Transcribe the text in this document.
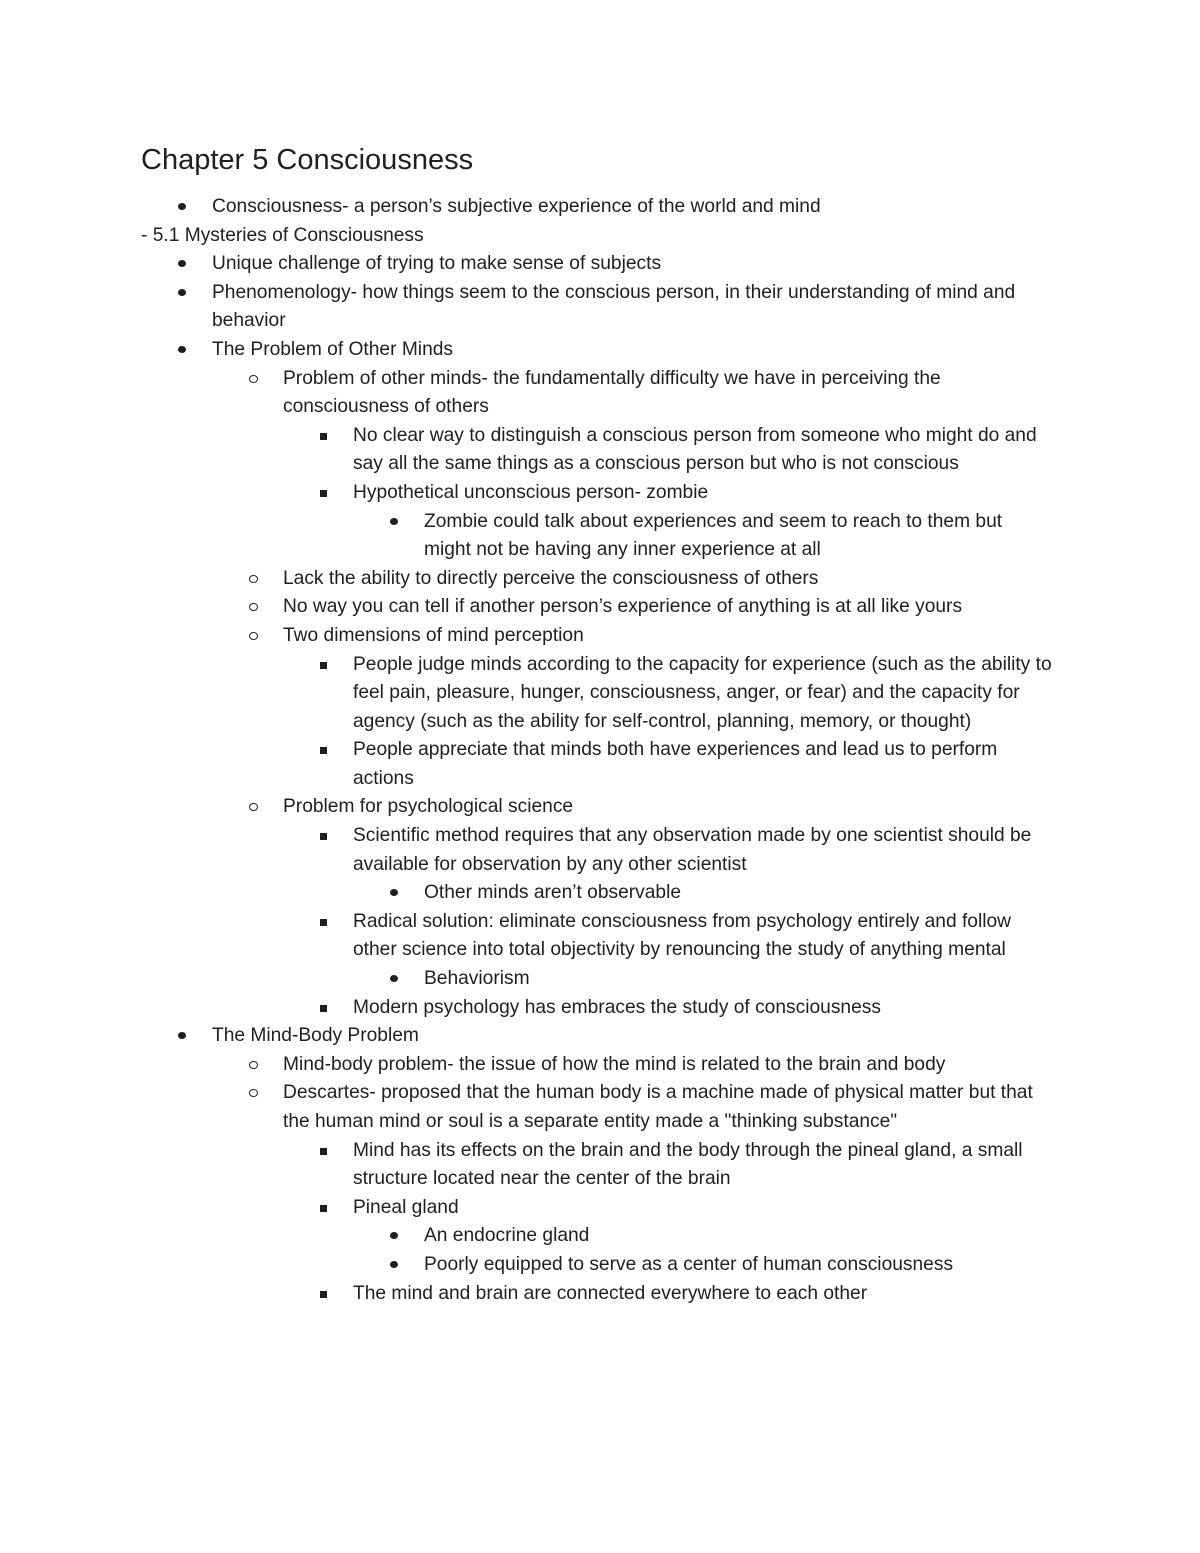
Chapter 5 Consciousness
Consciousness- a person’s subjective experience of the world and mind
- 5.1 Mysteries of Consciousness
Unique challenge of trying to make sense of subjects
Phenomenology- how things seem to the conscious person, in their understanding of mind and behavior
The Problem of Other Minds
Problem of other minds- the fundamentally difficulty we have in perceiving the consciousness of others
No clear way to distinguish a conscious person from someone who might do and say all the same things as a conscious person but who is not conscious
Hypothetical unconscious person- zombie
Zombie could talk about experiences and seem to reach to them but might not be having any inner experience at all
Lack the ability to directly perceive the consciousness of others
No way you can tell if another person’s experience of anything is at all like yours
Two dimensions of mind perception
People judge minds according to the capacity for experience (such as the ability to feel pain, pleasure, hunger, consciousness, anger, or fear) and the capacity for agency (such as the ability for self-control, planning, memory, or thought)
People appreciate that minds both have experiences and lead us to perform actions
Problem for psychological science
Scientific method requires that any observation made by one scientist should be available for observation by any other scientist
Other minds aren’t observable
Radical solution: eliminate consciousness from psychology entirely and follow other science into total objectivity by renouncing the study of anything mental
Behaviorism
Modern psychology has embraces the study of consciousness
The Mind-Body Problem
Mind-body problem- the issue of how the mind is related to the brain and body
Descartes- proposed that the human body is a machine made of physical matter but that the human mind or soul is a separate entity made a "thinking substance"
Mind has its effects on the brain and the body through the pineal gland, a small structure located near the center of the brain
Pineal gland
An endocrine gland
Poorly equipped to serve as a center of human consciousness
The mind and brain are connected everywhere to each other
